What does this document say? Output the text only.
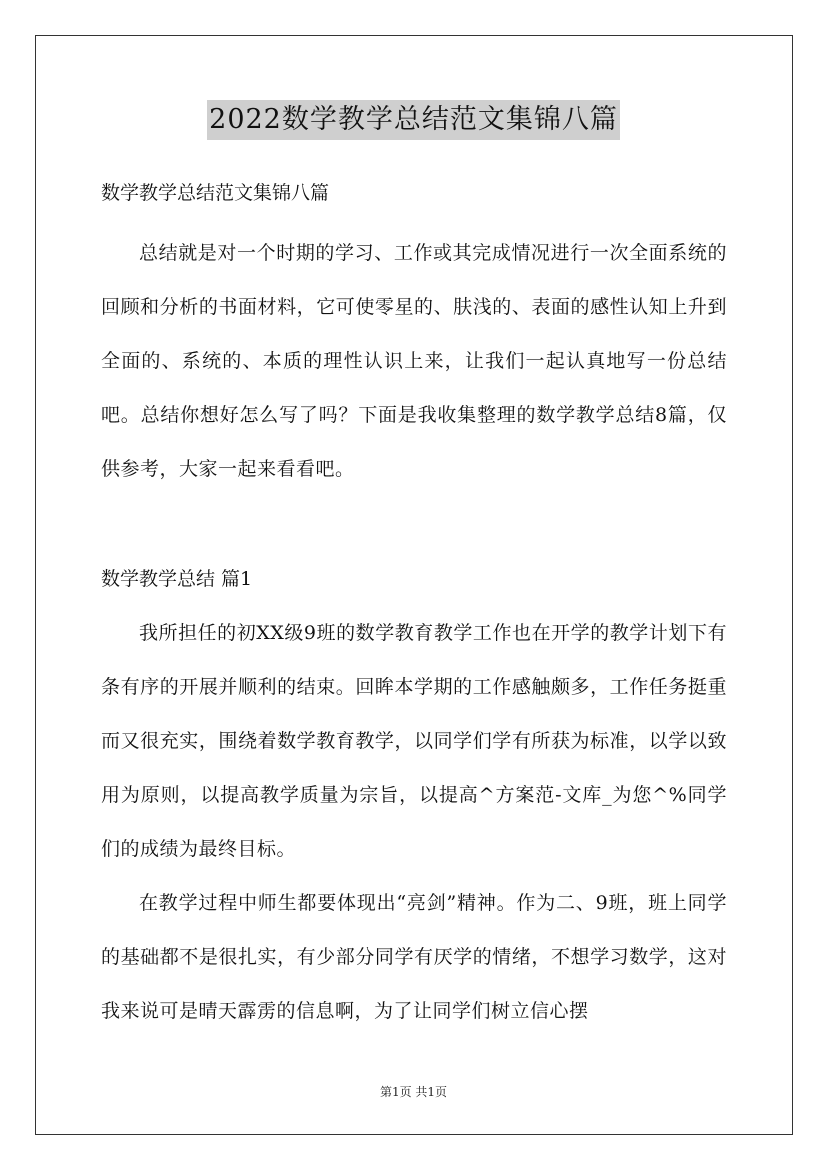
2022数学教学总结范文集锦八篇

数学教学总结范文集锦八篇

总结就是对一个时期的学习、工作或其完成情况进行一次全面系统的回顾和分析的书面材料，它可使零星的、肤浅的、表面的感性认知上升到全面的、系统的、本质的理性认识上来，让我们一起认真地写一份总结吧。总结你想好怎么写了吗？下面是我收集整理的数学教学总结8篇，仅供参考，大家一起来看看吧。

数学教学总结 篇1

我所担任的初XX级9班的数学教育教学工作也在开学的教学计划下有条有序的开展并顺利的结束。回眸本学期的工作感触颇多，工作任务挺重而又很充实，围绕着数学教育教学，以同学们学有所获为标准，以学以致用为原则，以提高教学质量为宗旨，以提高^方案范-文库_为您^%同学们的成绩为最终目标。

在教学过程中师生都要体现出“亮剑”精神。作为二、9班，班上同学的基础都不是很扎实，有少部分同学有厌学的情绪，不想学习数学，这对我来说可是晴天霹雳的信息啊，为了让同学们树立信心摆

第1页 共1页
